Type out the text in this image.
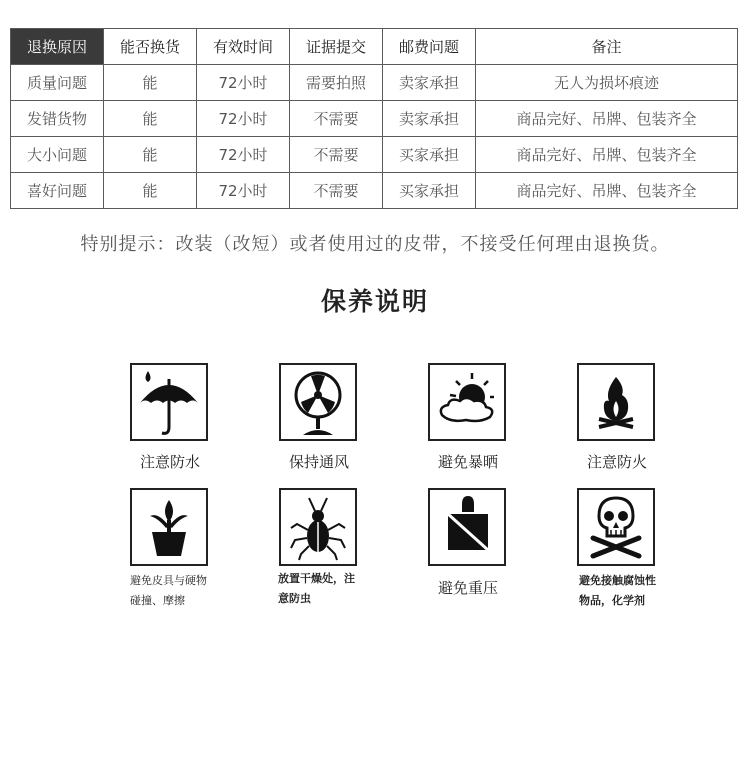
退换原因	能否换货	有效时间	证据提交	邮费问题	备注
质量问题	能	72小时	需要拍照	卖家承担	无人为损坏痕迹
发错货物	能	72小时	不需要	卖家承担	商品完好、吊牌、包装齐全
大小问题	能	72小时	不需要	买家承担	商品完好、吊牌、包装齐全
喜好问题	能	72小时	不需要	买家承担	商品完好、吊牌、包装齐全
特别提示：改装（改短）或者使用过的皮带，不接受任何理由退换货。
保养说明
注意防水	保持通风	避免暴晒	注意防火
避免皮具与硬物
碰撞、摩擦
放置干燥处，注
意防虫
避免重压	避免接触腐蚀性
物品，化学剂
